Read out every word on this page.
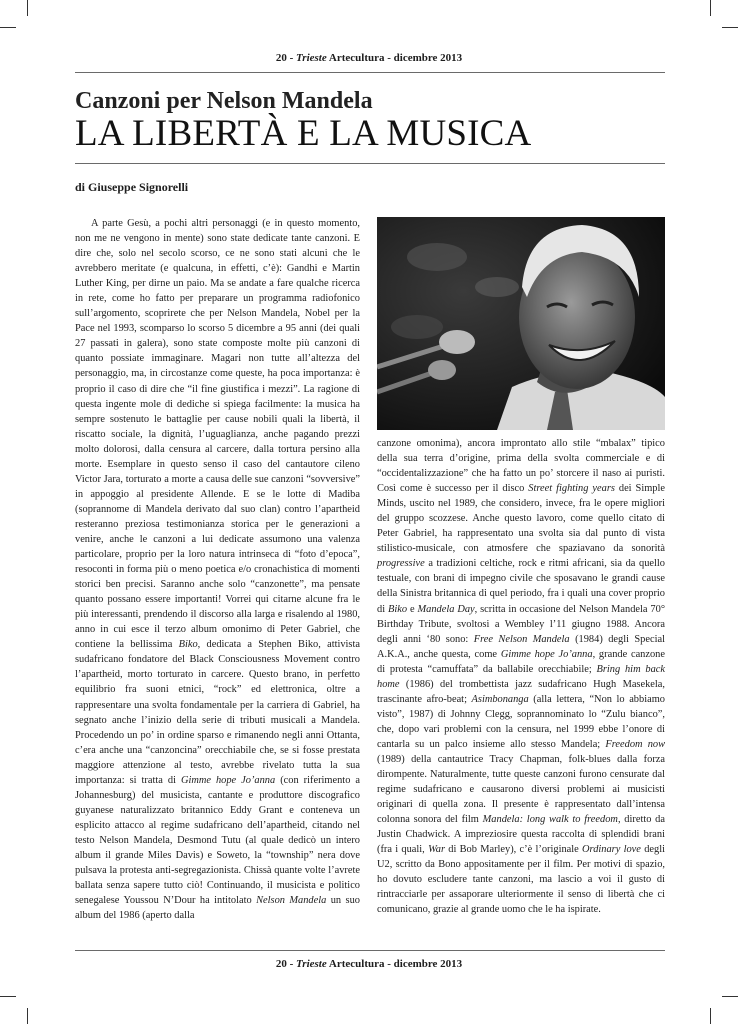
20 - Trieste Artecultura - dicembre 2013
Canzoni per Nelson Mandela
LA LIBERTÀ E LA MUSICA
di Giuseppe Signorelli

A parte Gesù, a pochi altri personaggi (e in questo momento, non me ne vengono in mente) sono state dedicate tante canzoni. E dire che, solo nel secolo scorso, ce ne sono stati alcuni che le avrebbero meritate (e qualcuna, in effetti, c’è): Gandhi e Martin Luther King, per dirne un paio. Ma se andate a fare qualche ricerca in rete, come ho fatto per preparare un programma radiofonico sull’argomento, scoprirete che per Nelson Mandela, Nobel per la Pace nel 1993, scomparso lo scorso 5 dicembre a 95 anni (dei quali 27 passati in galera), sono state composte molte più canzoni di quanto possiate immaginare. Magari non tutte all’altezza del personaggio, ma, in circostanze come queste, ha poca importanza: è proprio il caso di dire che “il fine giustifica i mezzi”. La ragione di questa ingente mole di dediche si spiega facilmente: la musica ha sempre sostenuto le battaglie per cause nobili quali la libertà, il riscatto sociale, la dignità, l’uguaglianza, anche pagando prezzi molto dolorosi, dalla censura al carcere, dalla tortura persino alla morte. Esemplare in questo senso il caso del cantautore cileno Victor Jara, torturato a morte a causa delle sue canzoni “sovversive” in appoggio al presidente Allende. E se le lotte di Madiba (soprannome di Mandela derivato dal suo clan) contro l’apartheid resteranno preziosa testimonianza storica per le generazioni a venire, anche le canzoni a lui dedicate assumono una valenza particolare, proprio per la loro natura intrinseca di “foto d’epoca”, resoconti in forma più o meno poetica e/o cronachistica di momenti storici ben precisi. Saranno anche solo “canzonette”, ma pensate quanto possano essere importanti! Vorrei qui citarne alcune fra le più interessanti, prendendo il discorso alla larga e risalendo al 1980, anno in cui esce il terzo album omonimo di Peter Gabriel, che contiene la bellissima Biko, dedicata a Stephen Biko, attivista sudafricano fondatore del Black Consciousness Movement contro l’apartheid, morto torturato in carcere. Questo brano, in perfetto equilibrio fra suoni etnici, “rock” ed elettronica, oltre a rappresentare una svolta fondamentale per la carriera di Gabriel, ha segnato anche l’inizio della serie di tributi musicali a Mandela. Procedendo un po’ in ordine sparso e rimanendo negli anni Ottanta, c’era anche una “canzoncina” orecchiabile che, se si fosse prestata maggiore attenzione al testo, avrebbe rivelato tutta la sua importanza: si tratta di Gimme hope Jo’anna (con riferimento a Johannesburg) del musicista, cantante e produttore discografico guyanese naturalizzato britannico Eddy Grant e conteneva un esplicito attacco al regime sudafricano dell’apartheid, citando nel testo Nelson Mandela, Desmond Tutu (al quale dedicò un intero album il grande Miles Davis) e Soweto, la “township” nera dove pulsava la protesta anti-segregazionista. Chissà quante volte l’avrete ballata senza sapere tutto ciò! Continuando, il musicista e politico senegalese Youssou N’Dour ha intitolato Nelson Mandela un suo album del 1986 (aperto dalla

canzone omonima), ancora improntato allo stile “mbalax” tipico della sua terra d’origine, prima della svolta commerciale e di “occidentalizzazione” che ha fatto un po’ storcere il naso ai puristi. Così come è successo per il disco Street fighting years dei Simple Minds, uscito nel 1989, che considero, invece, fra le opere migliori del gruppo scozzese. Anche questo lavoro, come quello citato di Peter Gabriel, ha rappresentato una svolta sia dal punto di vista stilistico-musicale, con atmosfere che spaziavano da sonorità progressive a tradizioni celtiche, rock e ritmi africani, sia da quello testuale, con brani di impegno civile che sposavano le grandi cause della Sinistra britannica di quel periodo, fra i quali una cover proprio di Biko e Mandela Day, scritta in occasione del Nelson Mandela 70° Birthday Tribute, svoltosi a Wembley l’11 giugno 1988. Ancora degli anni ‘80 sono: Free Nelson Mandela (1984) degli Special A.K.A., anche questa, come Gimme hope Jo’anna, grande canzone di protesta “camuffata” da ballabile orecchiabile; Bring him back home (1986) del trombettista jazz sudafricano Hugh Masekela, trascinante afro-beat; Asimbonanga (alla lettera, “Non lo abbiamo visto”, 1987) di Johnny Clegg, soprannominato lo “Zulu bianco”, che, dopo vari problemi con la censura, nel 1999 ebbe l’onore di cantarla su un palco insieme allo stesso Mandela; Freedom now (1989) della cantautrice Tracy Chapman, folk-blues dalla forza dirompente. Naturalmente, tutte queste canzoni furono censurate dal regime sudafricano e causarono diversi problemi ai musicisti originari di quella zona. Il presente è rappresentato dall’intensa colonna sonora del film Mandela: long walk to freedom, diretto da Justin Chadwick. A impreziosire questa raccolta di splendidi brani (fra i quali, War di Bob Marley), c’è l’originale Ordinary love degli U2, scritto da Bono appositamente per il film. Per motivi di spazio, ho dovuto escludere tante canzoni, ma lascio a voi il gusto di rintracciarle per assaporare ulteriormente il senso di libertà che ci comunicano, grazie al grande uomo che le ha ispirate.

20 - Trieste Artecultura - dicembre 2013
